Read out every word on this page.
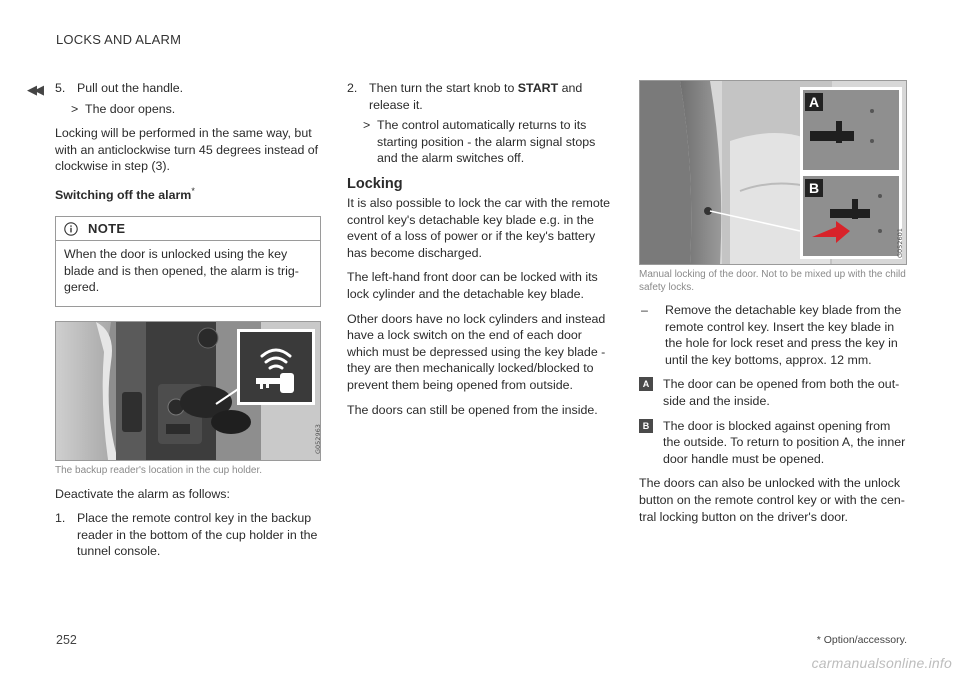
LOCKS AND ALARM
◀◀ 5. Pull out the handle.
> The door opens.

Locking will be performed in the same way, but with an anticlockwise turn 45 degrees instead of clockwise in step (3).

Switching off the alarm*
NOTE
When the door is unlocked using the key blade and is then opened, the alarm is trig-gered.
G052963
The backup reader's location in the cup holder.

Deactivate the alarm as follows:

1. Place the remote control key in the backup reader in the bottom of the cup holder in the tunnel console.
2. Then turn the start knob to START and release it.
> The control automatically returns to its starting position - the alarm signal stops and the alarm switches off.
Locking

It is also possible to lock the car with the remote control key's detachable key blade e.g. in the event of a loss of power or if the key's battery has become discharged.

The left-hand front door can be locked with its lock cylinder and the detachable key blade.

Other doors have no lock cylinders and instead have a lock switch on the end of each door which must be depressed using the key blade - they are then mechanically locked/blocked to prevent them being opened from outside.

The doors can still be opened from the inside.

A
B
G052601
Manual locking of the door. Not to be mixed up with the child safety locks.
–	Remove the detachable key blade from the remote control key. Insert the key blade in the hole for lock reset and press the key in until the key bottoms, approx. 12 mm.
A	The door can be opened from both the out-side and the inside.
B	The door is blocked against opening from the outside. To return to position A, the inner door handle must be opened.

The doors can also be unlocked with the unlock button on the remote control key or with the cen-tral locking button on the driver's door.

252	* Option/accessory.
carmanualsonline.info
